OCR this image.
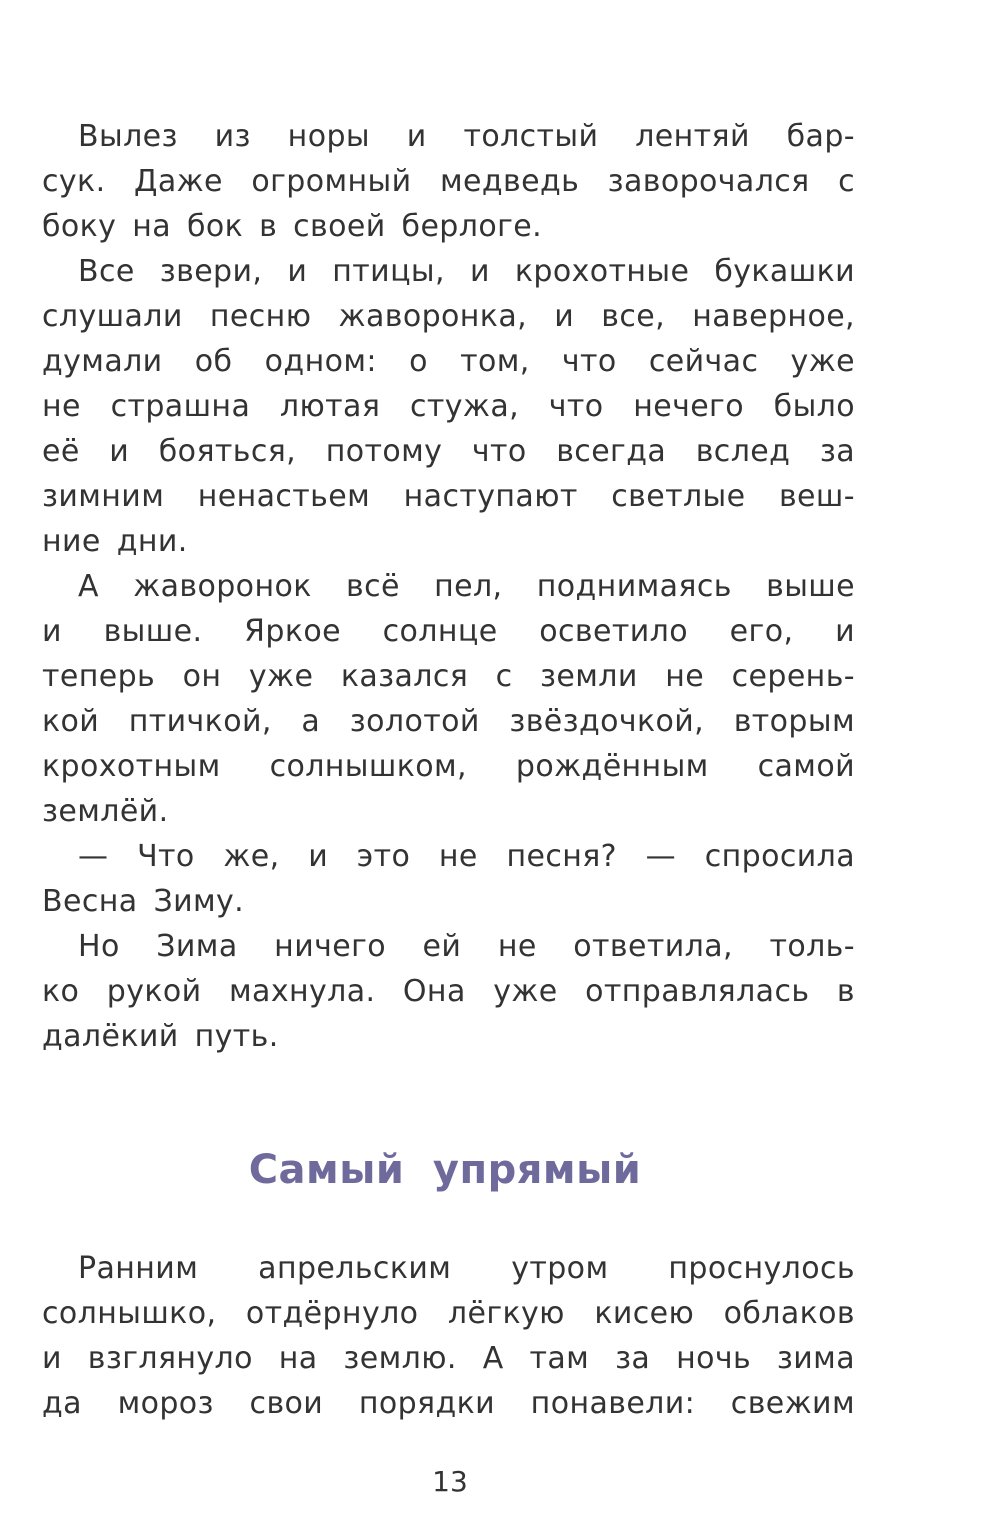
Вылез из норы и толстый лентяй бар-
сук. Даже огромный медведь заворочался с
боку на бок в своей берлоге.
Все звери, и птицы, и крохотные букашки
слушали песню жаворонка, и все, наверное,
думали об одном: о том, что сейчас уже
не страшна лютая стужа, что нечего было
её и бояться, потому что всегда вслед за
зимним ненастьем наступают светлые веш-
ние дни.
А жаворонок всё пел, поднимаясь выше
и выше. Яркое солнце осветило его, и
теперь он уже казался с земли не серень-
кой птичкой, а золотой звёздочкой, вторым
крохотным солнышком, рождённым самой
землёй.
— Что же, и это не песня? — спросила
Весна Зиму.
Но Зима ничего ей не ответила, толь-
ко рукой махнула. Она уже отправлялась в
далёкий путь.
Самый упрямый
Ранним апрельским утром проснулось
солнышко, отдёрнуло лёгкую кисею облаков
и взглянуло на землю. А там за ночь зима
да мороз свои порядки понавели: свежим
13
